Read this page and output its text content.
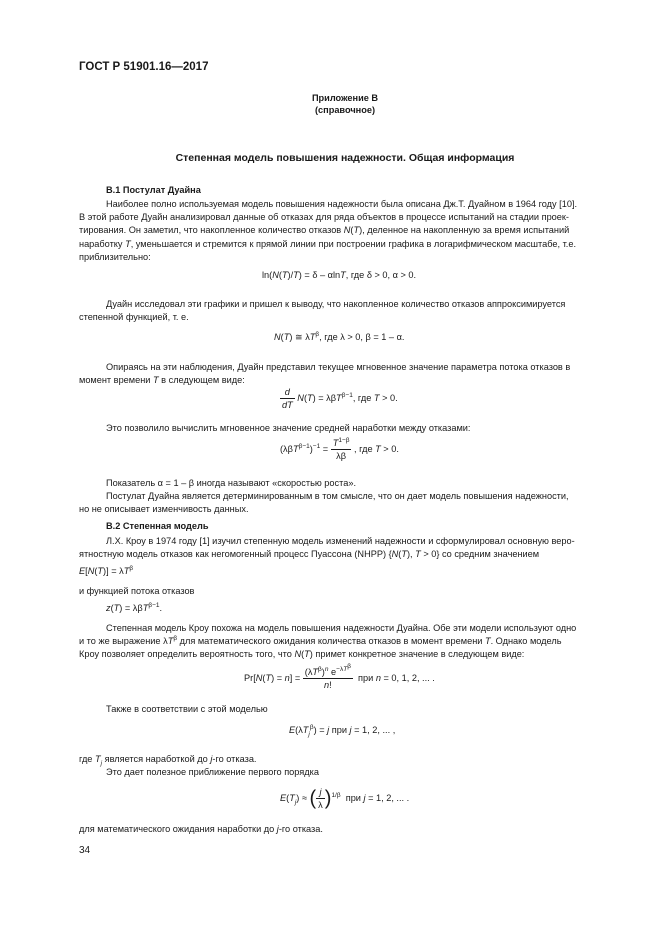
ГОСТ Р 51901.16—2017
Приложение В
(справочное)
Степенная модель повышения надежности. Общая информация
В.1 Постулат Дуайна
Наиболее полно используемая модель повышения надежности была описана Дж.Т. Дуайном в 1964 году [10].
В этой работе Дуайн анализировал данные об отказах для ряда объектов в процессе испытаний на стадии проек-
тирования. Он заметил, что накопленное количество отказов N(T), деленное на накопленную за время испытаний
наработку T, уменьшается и стремится к прямой линии при построении графика в логарифмическом масштабе, т.е.
приблизительно:
ln(N(T)/T) = δ – αlnT, где δ > 0, α > 0.
Дуайн исследовал эти графики и пришел к выводу, что накопленное количество отказов аппроксимируется
степенной функцией, т. е.
N(T) ≅ $\lambda T^\beta$, где λ > 0, β = 1 – α.
Опираясь на эти наблюдения, Дуайн представил текущее мгновенное значение параметра потока отказов в
момент времени T в следующем виде:
$\frac{d}{dT} N(T) = \lambda\beta T^{\beta-1}$, где T > 0.
Это позволило вычислить мгновенное значение средней наработки между отказами:
$(\lambda\beta T^{\beta-1})^{-1} = \frac{T^{1-\beta}}{\lambda\beta}$ , где T > 0.
Показатель α = 1 – β иногда называют «скоростью роста».
Постулат Дуайна является детерминированным в том смысле, что он дает модель повышения надежности,
но не описывает изменчивость данных.
В.2 Степенная модель
Л.Х. Кроу в 1974 году [1] изучил степенную модель изменений надежности и сформулировал основную веро-
ятностную модель отказов как негомогенный процесс Пуассона (NHPP) {N(T), T > 0} со средним значением
$E[N(T)] = \lambda T^\beta$
и функцией потока отказов
z(T) = λβT$^{\beta-1}$.
Степенная модель Кроу похожа на модель повышения надежности Дуайна. Обе эти модели используют одно
и то же выражение $\lambda T^\beta$ для математического ожидания количества отказов в момент времени T. Однако модель
Кроу позволяет определить вероятность того, что N(T) примет конкретное значение в следующем виде:
$Pr[N(T) = n] = \frac{(\lambda T^\beta)^n e^{-\lambda T^\beta}}{n!}$ при n = 0, 1, 2, ... .
Также в соответствии с этой моделью
$E(\lambda T_j^\beta) = j$ при j = 1, 2, ... ,
где $T_j$ является наработкой до j-го отказа.
Это дает полезное приближение первого порядка
$E(T_j)$ ≈ ( $\frac{j}{\lambda} )^{1/\beta}$  при j = 1, 2, ... .
для математического ожидания наработки до j-го отказа.
34
